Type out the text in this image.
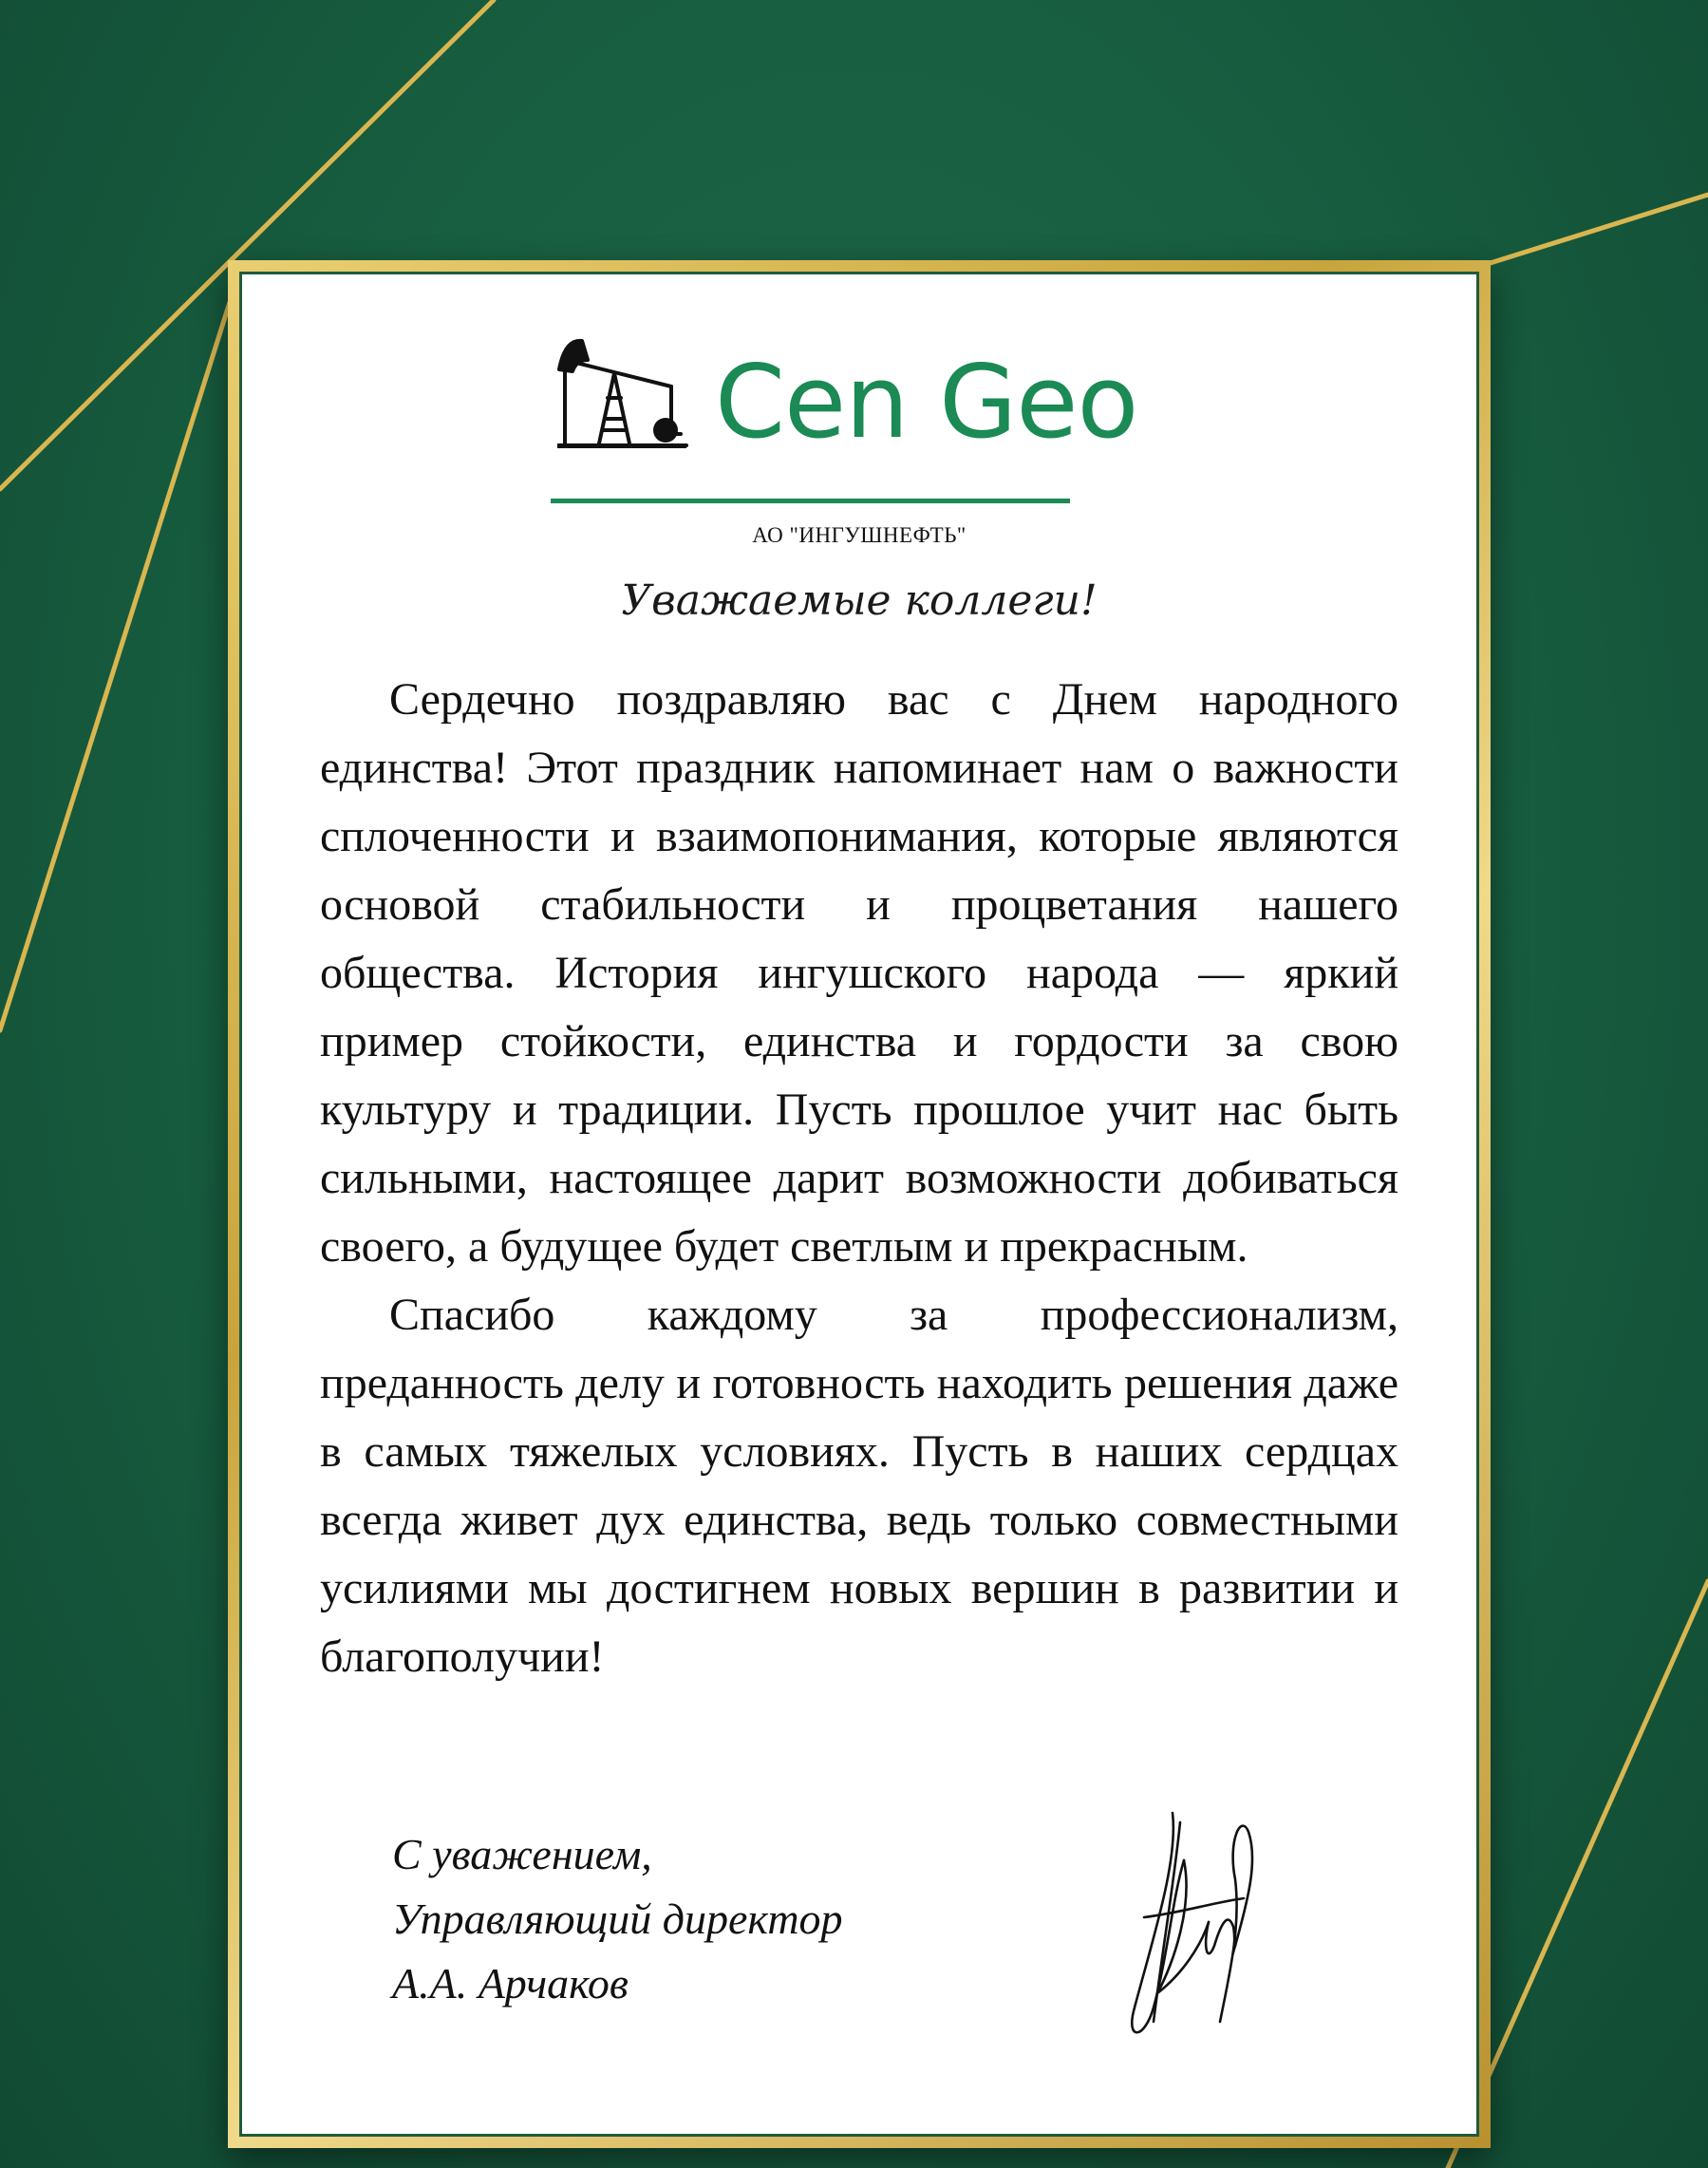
Cen Geo
АО "ИНГУШНЕФТЬ"
Уважаемые коллеги!

Сердечно поздравляю вас с Днем народного единства! Этот праздник напоминает нам о важности сплоченности и взаимопонимания, которые являются основой стабильности и процветания нашего общества. История ингушского народа — яркий пример стойкости, единства и гордости за свою культуру и традиции. Пусть прошлое учит нас быть сильными, настоящее дарит возможности добиваться своего, а будущее будет светлым и прекрасным.

Спасибо каждому за профессионализм, преданность делу и готовность находить решения даже в самых тяжелых условиях. Пусть в наших сердцах всегда живет дух единства, ведь только совместными усилиями мы достигнем новых вершин в развитии и благополучии!

С уважением,
Управляющий директор
А.А. Арчаков
